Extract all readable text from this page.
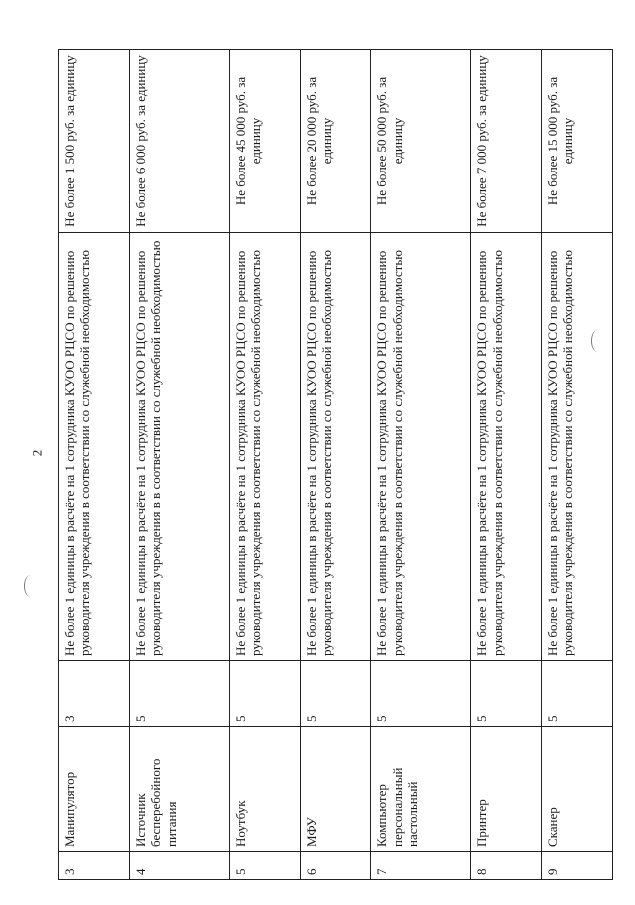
2
3	Манипулятор	3	Не более 1 единицы в расчёте на 1 сотрудника КУОО РЦСО по решению руководителя учреждения в соответствии со служебной необходимостью	Не более 1 500 руб. за единицу
4	Источник бесперебойного питания	5	Не более 1 единицы в расчёте на 1 сотрудника КУОО РЦСО по решению руководителя учреждения в в соответствии со служебной необходимостью	Не более 6 000 руб. за единицу
5	Ноутбук	5	Не более 1 единицы в расчёте на 1 сотрудника КУОО РЦСО по решению руководителя учреждения в соответствии со служебной необходимостью	Не более 45 000 руб. за единицу
6	МФУ	5	Не более 1 единицы в расчёте на 1 сотрудника КУОО РЦСО по решению руководителя учреждения в соответствии со служебной необходимостью	Не более 20 000 руб. за единицу
7	Компьютер персональный настольный	5	Не более 1 единицы в расчёте на 1 сотрудника КУОО РЦСО по решению руководителя учреждения в соответствии со служебной необходимостью	Не более 50 000 руб. за единицу
8	Принтер	5	Не более 1 единицы в расчёте на 1 сотрудника КУОО РЦСО по решению руководителя учреждения в соответствии со служебной необходимостью	Не более 7 000 руб. за единицу
9	Сканер	5	Не более 1 единицы в расчёте на 1 сотрудника КУОО РЦСО по решению руководителя учреждения в соответствии со служебной необходимостью	Не более 15 000 руб. за единицу
